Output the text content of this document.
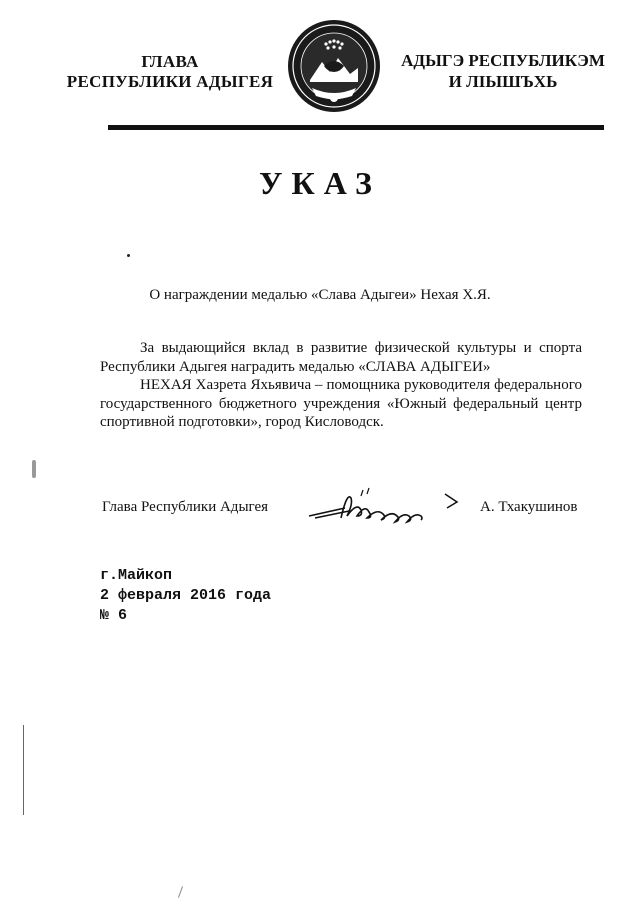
ГЛАВА
РЕСПУБЛИКИ АДЫГЕЯ
АДЫГЭ РЕСПУБЛИКЭМ
И ЛІЫШЪХЬ
УКАЗ
О награждении медалью «Слава Адыгеи» Нехая Х.Я.

За выдающийся вклад в развитие физической культуры и спорта Республики Адыгея наградить медалью «СЛАВА АДЫГЕИ»

НЕХАЯ Хазрета Яхьявича – помощника руководителя федерального государственного бюджетного учреждения «Южный федеральный центр спортивной подготовки», город Кисловодск.

Глава Республики Адыгея	А. Тхакушинов
г.Майкоп
2 февраля 2016 года
№ 6
